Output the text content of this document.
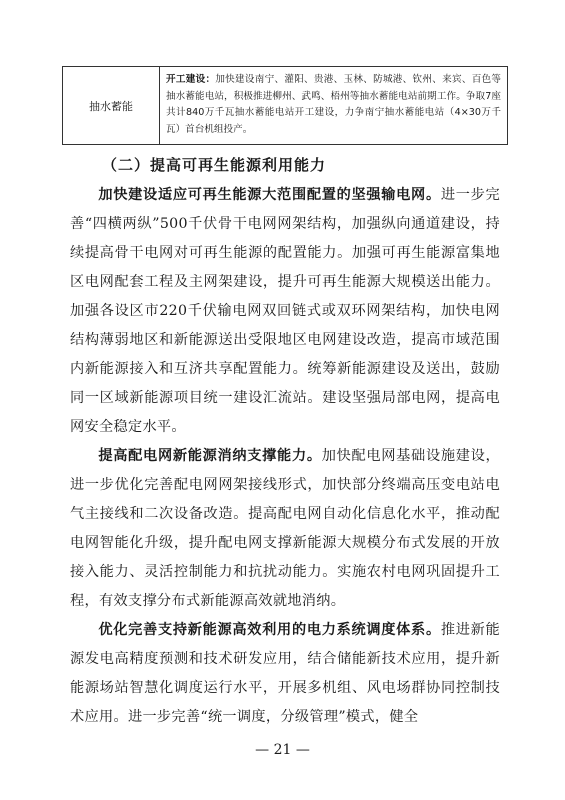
抽水蓄能
开工建设：加快建设南宁、灌阳、贵港、玉林、防城港、钦州、来宾、百色等抽水蓄能电站，积极推进柳州、武鸣、梧州等抽水蓄能电站前期工作。争取7座共计840万千瓦抽水蓄能电站开工建设，力争南宁抽水蓄能电站（4×30万千瓦）首台机组投产。
（二）提高可再生能源利用能力

加快建设适应可再生能源大范围配置的坚强输电网。进一步完善“四横两纵”500千伏骨干电网网架结构，加强纵向通道建设，持续提高骨干电网对可再生能源的配置能力。加强可再生能源富集地区电网配套工程及主网架建设，提升可再生能源大规模送出能力。加强各设区市220千伏输电网双回链式或双环网架结构，加快电网结构薄弱地区和新能源送出受限地区电网建设改造，提高市域范围内新能源接入和互济共享配置能力。统筹新能源建设及送出，鼓励同一区域新能源项目统一建设汇流站。建设坚强局部电网，提高电网安全稳定水平。

提高配电网新能源消纳支撑能力。加快配电网基础设施建设，进一步优化完善配电网网架接线形式，加快部分终端高压变电站电气主接线和二次设备改造。提高配电网自动化信息化水平，推动配电网智能化升级，提升配电网支撑新能源大规模分布式发展的开放接入能力、灵活控制能力和抗扰动能力。实施农村电网巩固提升工程，有效支撑分布式新能源高效就地消纳。

优化完善支持新能源高效利用的电力系统调度体系。推进新能源发电高精度预测和技术研发应用，结合储能新技术应用，提升新能源场站智慧化调度运行水平，开展多机组、风电场群协同控制技术应用。进一步完善“统一调度，分级管理”模式，健全

— 21 —
